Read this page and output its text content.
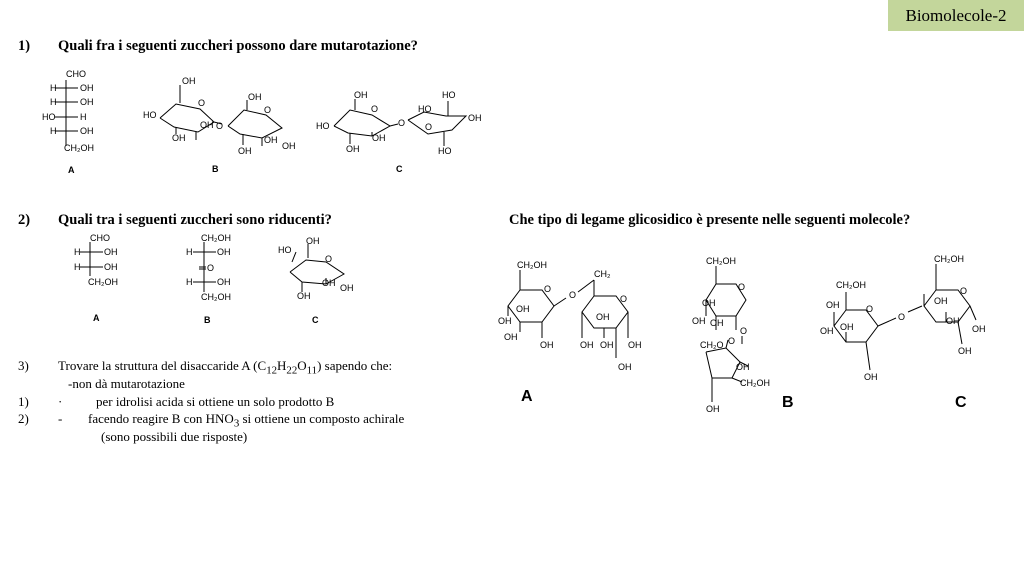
Biomolecole-2
1) Quali fra i seguenti zuccheri possono dare mutarotazione?
2) Quali tra i seguenti zuccheri sono riducenti?	Che tipo di legame glicosidico è presente nelle seguenti molecole?
3) Trovare la struttura del disaccaride A $(C_{12}H_{22}O_{11})$ sapendo che:
-non dà mutarotazione
1) ·	per idrolisi acida si ottiene un solo prodotto B
2) - facendo reagire B con $HNO_3$ si ottiene un composto achirale
(sono possibili due risposte)
A	B	C
CHO
H	OH
H	OH
HO	H
H	OH
CH₂OH
A
OH
HO
O
OH
OH
O
OH
O
OH
OH
OH
B
OH
HO
O
OH
OH
O
HO
HO
OH
O
HO
C
CHO
H	OH
H	OH
CH₂OH
A
CH₂OH
H	OH
O
H	OH
CH₂OH
B
OH
HO
O
OH OH
OH
C
CH₂OH
O
O
CH₂
O
OH
OH
OH
OH
OH
OH OH OH
OH
CH₂OH
O
OH
OH OH
O
CH₂O O
OH
CH₂OH
OH
CH₂OH
OH	O
OH
OH
O
OH
CH₂OH
O
OH
OH
OH
OH
